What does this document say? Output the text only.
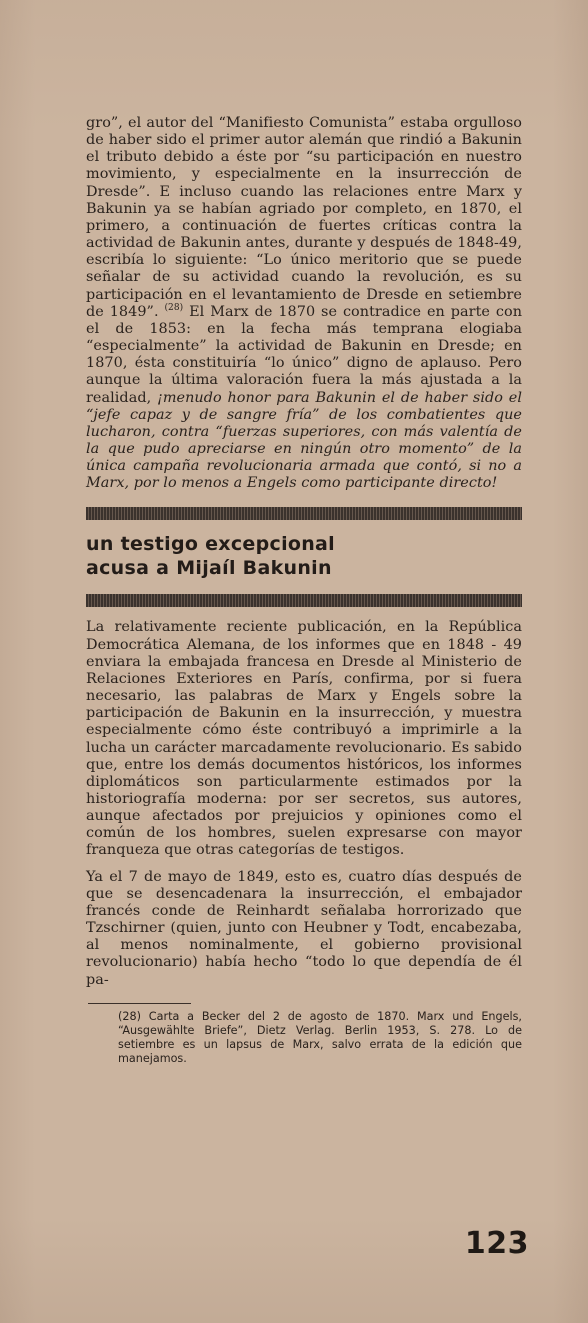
gro”, el autor del “Manifiesto Comunista” estaba orgulloso de haber sido el primer autor alemán que rindió a Bakunin el tributo debido a éste por “su participación en nuestro movimiento, y especialmente en la insurrección de Dresde”. E incluso cuando las relaciones entre Marx y Bakunin ya se habían agriado por completo, en 1870, el primero, a continuación de fuertes críticas contra la actividad de Bakunin antes, durante y después de 1848-49, escribía lo siguiente: “Lo único meritorio que se puede señalar de su actividad cuando la revolución, es su participación en el levantamiento de Dresde en setiembre de 1849”. $^{(28)}$ El Marx de 1870 se contradice en parte con el de 1853: en la fecha más temprana elogiaba “especialmente” la actividad de Bakunin en Dresde; en 1870, ésta constituiría “lo único” digno de aplauso. Pero aunque la última valoración fuera la más ajustada a la realidad, ¡menudo honor para Bakunin el de haber sido el “jefe capaz y de sangre fría” de los combatientes que lucharon, contra “fuerzas superiores, con más valentía de la que pudo apreciarse en ningún otro momento” de la única campaña revolucionaria armada que contó, si no a Marx, por lo menos a Engels como participante directo!

un testigo excepcional
acusa a Mijaíl Bakunin

La relativamente reciente publicación, en la República Democrática Alemana, de los informes que en 1848 - 49 enviara la embajada francesa en Dresde al Ministerio de Relaciones Exteriores en París, confirma, por si fuera necesario, las palabras de Marx y Engels sobre la participación de Bakunin en la insurrección, y muestra especialmente cómo éste contribuyó a imprimirle a la lucha un carácter marcadamente revolucionario. Es sabido que, entre los demás documentos históricos, los informes diplomáticos son particularmente estimados por la historiografía moderna: por ser secretos, sus autores, aunque afectados por prejuicios y opiniones como el común de los hombres, suelen expresarse con mayor franqueza que otras categorías de testigos.

Ya el 7 de mayo de 1849, esto es, cuatro días después de que se desencadenara la insurrección, el embajador francés conde de Reinhardt señalaba horrorizado que Tzschirner (quien, junto con Heubner y Todt, encabezaba, al menos nominalmente, el gobierno provisional revolucionario) había hecho “todo lo que dependía de él pa-

(28) Carta a Becker del 2 de agosto de 1870. Marx und Engels, “Ausgewählte Briefe”, Dietz Verlag. Berlin 1953, S. 278. Lo de setiembre es un lapsus de Marx, salvo errata de la edición que manejamos.

123
